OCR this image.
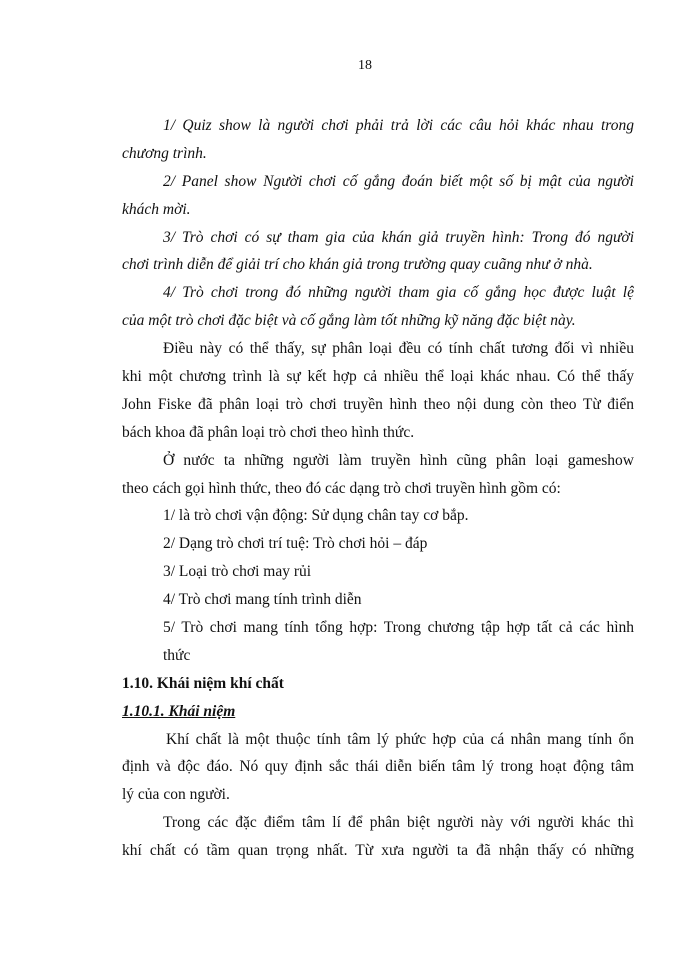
18
1/ Quiz show là người chơi phải trả lời các câu hỏi khác nhau trong
chương trình.
2/ Panel show Người chơi cố gắng đoán biết một số bị mật của người
khách mời.
3/ Trò chơi có sự tham gia của khán giả truyền hình: Trong đó người
chơi trình diễn để giải trí cho khán giả trong trường quay cuãng như ở nhà.
4/ Trò chơi trong đó những người tham gia cố gắng học được luật lệ
của một trò chơi đặc biệt và cố gắng làm tốt những kỹ năng đặc biệt này.
Điều này có thể thấy, sự phân loại đều có tính chất tương đối vì nhiều
khi một chương trình là sự kết hợp cả nhiều thể loại khác nhau. Có thể thấy
John Fiske đã phân loại trò chơi truyền hình theo nội dung còn theo Từ điển
bách khoa đã phân loại trò chơi theo hình thức.
Ở nước ta những người làm truyền hình cũng phân loại gameshow
theo cách gọi hình thức, theo đó các dạng trò chơi truyền hình gồm có:
1/ là trò chơi vận động: Sử dụng chân tay cơ bắp.
2/ Dạng trò chơi trí tuệ: Trò chơi hỏi – đáp
3/ Loại trò chơi may rủi
4/ Trò chơi mang tính trình diễn
5/ Trò chơi mang tính tổng hợp: Trong chương tập hợp tất cả các hình
thức
1.10. Khái niệm khí chất
1.10.1. Khái niệm
Khí chất là một thuộc tính tâm lý phức hợp của cá nhân mang tính ổn
định và độc đáo. Nó quy định sắc thái diễn biến tâm lý trong hoạt động tâm
lý của con người.
Trong các đặc điểm tâm lí để phân biệt người này với người khác thì
khí chất có tầm quan trọng nhất. Từ xưa người ta đã nhận thấy có những
